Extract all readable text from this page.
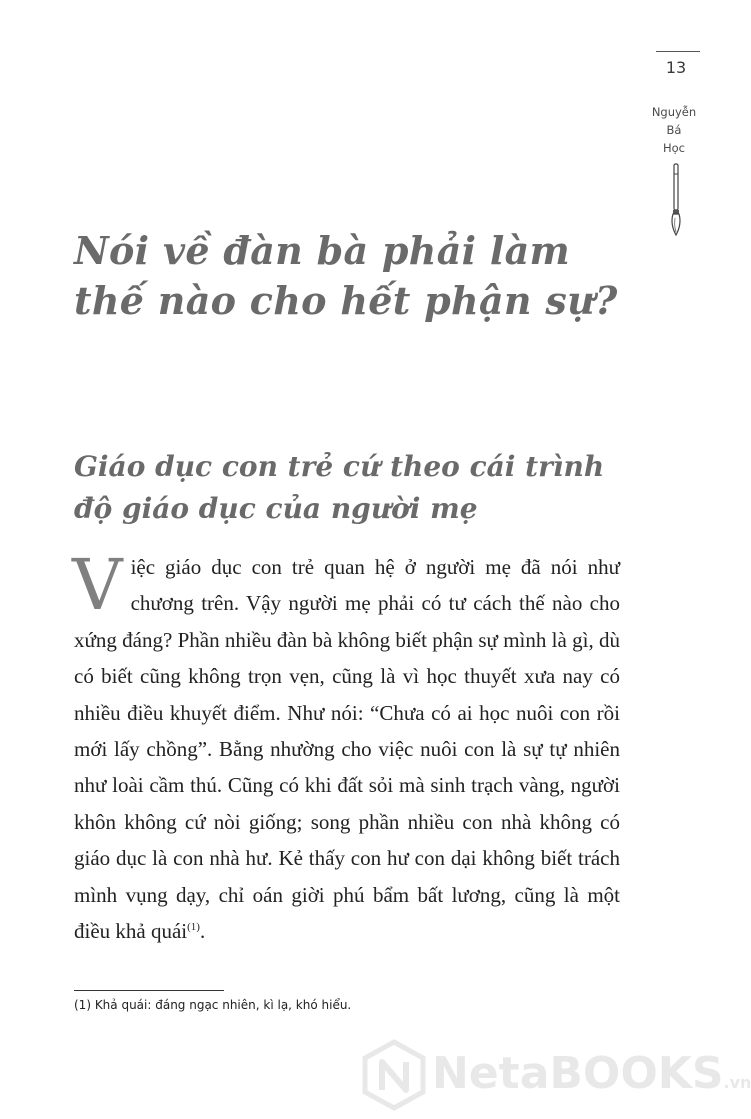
13
Nguyễn
Bá
Học
Nói về đàn bà phải làm thế nào cho hết phận sự?
Giáo dục con trẻ cứ theo cái trình độ giáo dục của người mẹ

Việc giáo dục con trẻ quan hệ ở người mẹ đã nói như chương trên. Vậy người mẹ phải có tư cách thế nào cho xứng đáng? Phần nhiều đàn bà không biết phận sự mình là gì, dù có biết cũng không trọn vẹn, cũng là vì học thuyết xưa nay có nhiều điều khuyết điểm. Như nói: “Chưa có ai học nuôi con rồi mới lấy chồng”. Bằng nhường cho việc nuôi con là sự tự nhiên như loài cầm thú. Cũng có khi đất sỏi mà sinh trạch vàng, người khôn không cứ nòi giống; song phần nhiều con nhà không có giáo dục là con nhà hư. Kẻ thấy con hư con dại không biết trách mình vụng dạy, chỉ oán giời phú bẩm bất lương, cũng là một điều khả quái$^{(1)}$.

(1) Khả quái: đáng ngạc nhiên, kì lạ, khó hiểu.
NetaBOOKS.vn
